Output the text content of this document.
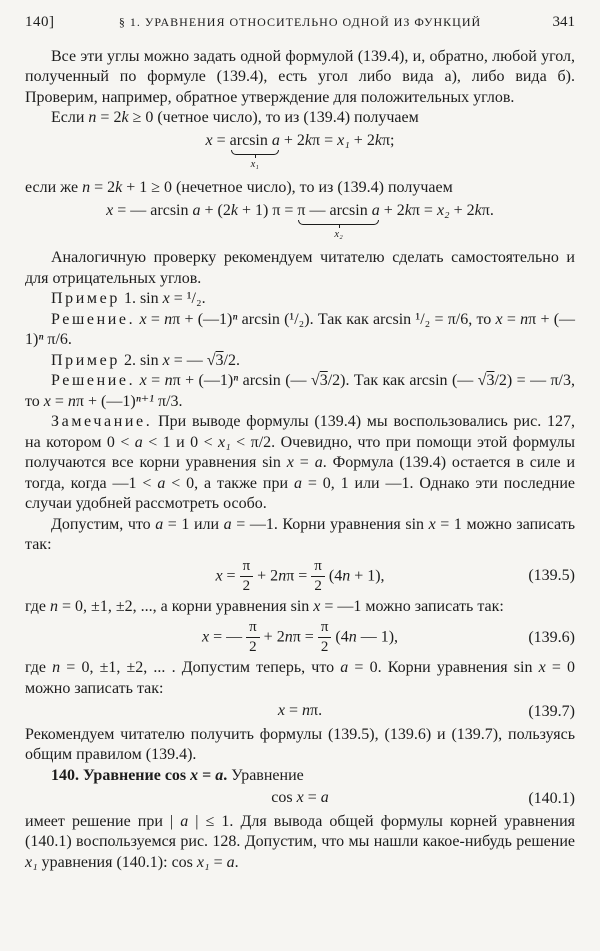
140]	§ 1. УРАВНЕНИЯ ОТНОСИТЕЛЬНО ОДНОЙ ИЗ ФУНКЦИЙ	341
Все эти углы можно задать одной формулой (139.4), и, обратно, любой угол, полученный по формуле (139.4), есть угол либо вида а), либо вида б). Проверим, например, обратное утверждение для положительных углов.
Если n = 2k ≥ 0 (четное число), то из (139.4) получаем
x = arcsin a
x₁
+ 2kπ = x₁ + 2kπ;
если же n = 2k + 1 ≥ 0 (нечетное число), то из (139.4) получаем
x = — arcsin a + (2k + 1) π = π — arcsin a
x₂
+ 2kπ = x₂ + 2kπ.
Аналогичную проверку рекомендуем читателю сделать самостоятельно и для отрицательных углов.
Пример 1. sin x = ¹/₂.
Решение. x = nπ + (—1)ⁿ arcsin (¹/₂). Так как arcsin ¹/₂ = π/6, то x = nπ + (—1)ⁿ π/6.
Пример 2. sin x = — √3/2.
Решение. x = nπ + (—1)ⁿ arcsin (— √3/2). Так как arcsin (— √3/2) = — π/3, то x = nπ + (—1)ⁿ⁺¹ π/3.
Замечание. При выводе формулы (139.4) мы воспользовались рис. 127, на котором 0 < a < 1 и 0 < x₁ < π/2. Очевидно, что при помощи этой формулы получаются все корни уравнения sin x = a. Формула (139.4) остается в силе и тогда, когда —1 < a < 0, а также при a = 0, 1 или —1. Однако эти последние случаи удобней рассмотреть особо.
Допустим, что a = 1 или a = —1. Корни уравнения sin x = 1 можно записать так:
$x = \frac{\pi}{2} + 2n\pi = \frac{\pi}{2} (4n + 1)$,	(139.5)
где n = 0, ±1, ±2, ..., а корни уравнения sin x = —1 можно записать так:
x = — $\frac{\pi}{2} + 2n\pi = \frac{\pi}{2} (4n$ — 1),	(139.6)
где n = 0, ±1, ±2, ... . Допустим теперь, что a = 0. Корни уравнения sin x = 0 можно записать так:
x = nπ.	(139.7)
Рекомендуем читателю получить формулы (139.5), (139.6) и (139.7), пользуясь общим правилом (139.4).
140. Уравнение cos x = a. Уравнение
cos x = a	(140.1)
имеет решение при | a | ≤ 1. Для вывода общей формулы корней уравнения (140.1) воспользуемся рис. 128. Допустим, что мы нашли какое-нибудь решение x₁ уравнения (140.1): cos x₁ = a.
